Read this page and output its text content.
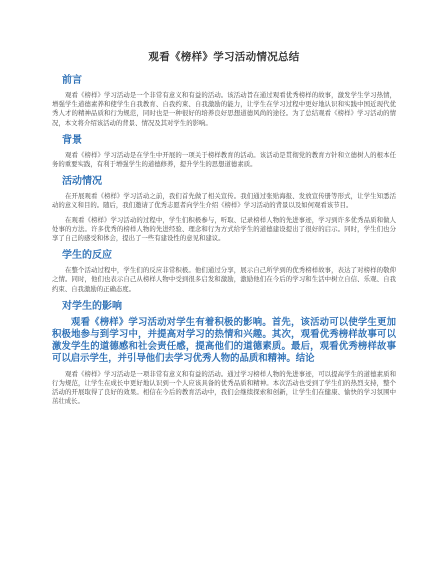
观看《榜样》学习活动情况总结
前言

观看《榜样》学习活动是一个非常有意义和有益的活动。该活动旨在通过观看优秀榜样的故事，激发学生学习热情，增强学生道德素养和使学生自我教育、自我约束、自我激励的能力，让学生在学习过程中更好地认识和实践中国近现代优秀人才的精神品质和行为规范，同时也是一种很好的培养良好思想道德风尚的途径。为了总结观看《榜样》学习活动的情况，本文将介绍该活动的背景、情况及其对学生的影响。

背景

观看《榜样》学习活动是在学生中开展的一项关于榜样教育的活动。该活动是贯彻党的教育方针和立德树人的根本任务的重要实践，有利于增强学生的道德修养，提升学生的思想道德素质。

活动情况

在开展观看《榜样》学习活动之前，我们首先做了相关宣传。我们通过张贴海报、发放宣传册等形式，让学生知悉活动的意义和目的。随后，我们邀请了优秀志愿者向学生介绍《榜样》学习活动的背景以及如何观看该节目。

在观看《榜样》学习活动的过程中，学生们积极参与，听取、记录榜样人物的先进事迹，学习到许多优秀品质和做人处事的方法。许多优秀的榜样人物的先进经验、理念和行为方式给学生的道德建设提出了很好的启示。同时，学生们也分享了自己的感受和体会，提出了一些有建设性的意见和建议。

学生的反应

在整个活动过程中，学生们的反应非常积极。他们通过分享，展示自己所学到的优秀榜样故事，表达了对榜样的敬仰之情。同时，他们也表示自己从榜样人物中受到很多启发和激励，激励他们在今后的学习和生活中树立自信、乐观、自我约束、自我激励的正确态度。

对学生的影响

观看《榜样》学习活动对学生有着积极的影响。首先，该活动可以使学生更加积极地参与到学习中，并提高对学习的热情和兴趣。其次，观看优秀榜样故事可以激发学生的道德感和社会责任感，提高他们的道德素质。最后，观看优秀榜样故事可以启示学生，并引导他们去学习优秀人物的品质和精神。结论

观看《榜样》学习活动是一项非常有意义和有益的活动。通过学习榜样人物的先进事迹，可以提高学生的道德素质和行为规范，让学生在成长中更好地认识到一个人应该具备的优秀品质和精神。本次活动也受到了学生们的热烈支持，整个活动的开展取得了良好的效果。相信在今后的教育活动中，我们会继续探索和创新，让学生们在健康、愉快的学习氛围中茁壮成长。
